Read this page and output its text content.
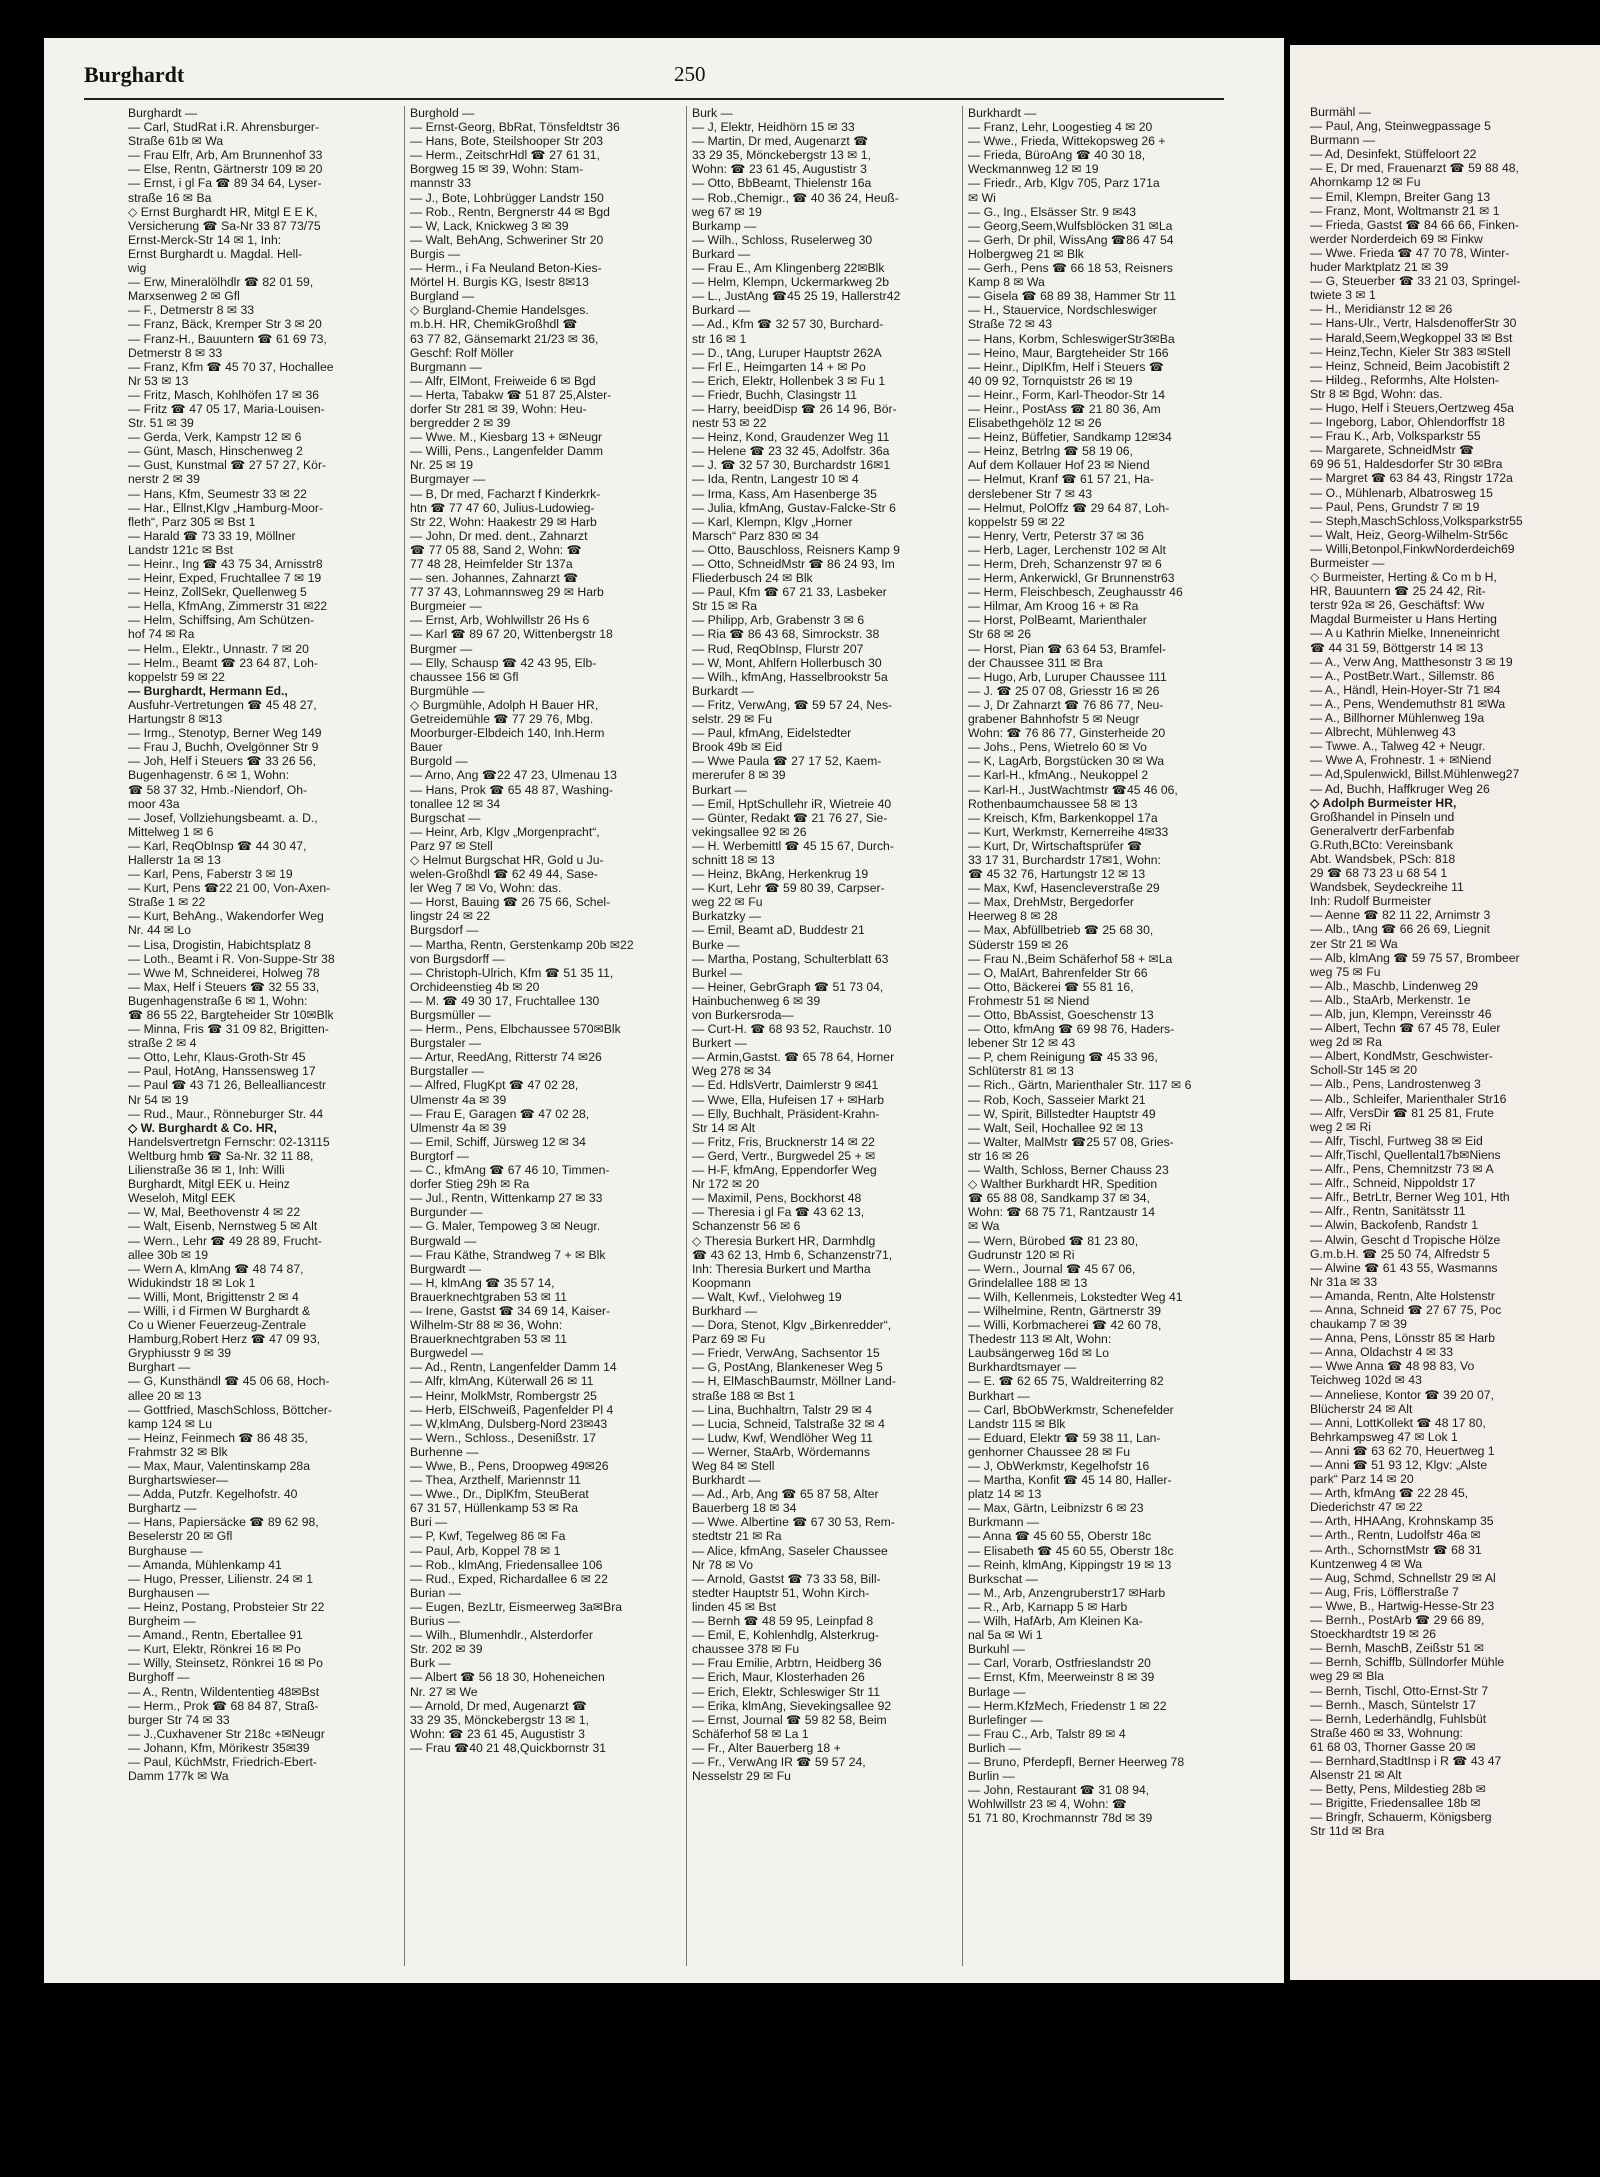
Burmähl —
— Paul, Ang, Steinwegpassage 5
Burmann —
— Ad, Desinfekt, Stüffeloort 22
— E, Dr med, Frauenarzt ☎ 59 88 48,
Ahornkamp 12 ✉ Fu
— Emil, Klempn, Breiter Gang 13
— Franz, Mont, Woltmanstr 21 ✉ 1
— Frieda, Gastst ☎ 84 66 66, Finken-
werder Norderdeich 69 ✉ Finkw
— Wwe. Frieda ☎ 47 70 78, Winter-
huder Marktplatz 21 ✉ 39
— G, Steuerber ☎ 33 21 03, Springel-
twiete 3 ✉ 1
— H., Meridianstr 12 ✉ 26
— Hans-Ulr., Vertr, HalsdenofferStr 30
— Harald,Seem,Wegkoppel 33 ✉ Bst
— Heinz,Techn, Kieler Str 383 ✉Stell
— Heinz, Schneid, Beim Jacobistift 2
— Hildeg., Reformhs, Alte Holsten-
Str 8 ✉ Bgd, Wohn: das.
— Hugo, Helf i Steuers,Oertzweg 45a
— Ingeborg, Labor, Ohlendorffstr 18
— Frau K., Arb, Volksparkstr 55
— Margarete, SchneidMstr ☎
69 96 51, Haldesdorfer Str 30 ✉Bra
— Margret ☎ 63 84 43, Ringstr 172a
— O., Mühlenarb, Albatrosweg 15
— Paul, Pens, Grundstr 7 ✉ 19
— Steph,MaschSchloss,Volksparkstr55
— Walt, Heiz, Georg-Wilhelm-Str56c
— Willi,Betonpol,FinkwNorderdeich69
Burmeister —
◇ Burmeister, Herting & Co m b H,
HR, Bauuntern ☎ 25 24 42, Rit-
terstr 92a ✉ 26, Geschäftsf: Ww
Magdal Burmeister u Hans Herting
— A u Kathrin Mielke, Inneneinricht
☎ 44 31 59, Böttgerstr 14 ✉ 13
— A., Verw Ang, Matthesonstr 3 ✉ 19
— A., PostBetr.Wart., Sillemstr. 86
— A., Händl, Hein-Hoyer-Str 71 ✉4
— A., Pens, Wendemuthstr 81 ✉Wa
— A., Billhorner Mühlenweg 19a
— Albrecht, Mühlenweg 43
— Twwe. A., Talweg 42 + Neugr.
— Wwe A, Frohnestr. 1 + ✉Niend
— Ad,Spulenwickl, Billst.Mühlenweg27
— Ad, Buchh, Haffkruger Weg 26
◇ Adolph Burmeister HR,
Großhandel in Pinseln und
Generalvertr derFarbenfab
G.Ruth,BCto: Vereinsbank
Abt. Wandsbek, PSch: 818
29 ☎ 68 73 23 u 68 54 1
Wandsbek, Seydeckreihe 11
Inh: Rudolf Burmeister
— Aenne ☎ 82 11 22, Arnimstr 3
— Alb., tAng ☎ 66 26 69, Liegnit
zer Str 21 ✉ Wa
— Alb, klmAng ☎ 59 75 57, Brombeer
weg 75 ✉ Fu
— Alb., Maschb, Lindenweg 29
— Alb., StaArb, Merkenstr. 1e
— Alb, jun, Klempn, Vereinsstr 46
— Albert, Techn ☎ 67 45 78, Euler
weg 2d ✉ Ra
— Albert, KondMstr, Geschwister-
Scholl-Str 145 ✉ 20
— Alb., Pens, Landrostenweg 3
— Alb., Schleifer, Marienthaler Str16
— Alfr, VersDir ☎ 81 25 81, Frute
weg 2 ✉ Ri
— Alfr, Tischl, Furtweg 38 ✉ Eid
— Alfr,Tischl, Quellental17b✉Niens
— Alfr., Pens, Chemnitzstr 73 ✉ A
— Alfr., Schneid, Nippoldstr 17
— Alfr., BetrLtr, Berner Weg 101, Hth
— Alfr., Rentn, Sanitätsstr 11
— Alwin, Backofenb, Randstr 1
— Alwin, Gescht d Tropische Hölze
G.m.b.H. ☎ 25 50 74, Alfredstr 5
— Alwine ☎ 61 43 55, Wasmanns
Nr 31a ✉ 33
— Amanda, Rentn, Alte Holstenstr
— Anna, Schneid ☎ 27 67 75, Poc
chaukamp 7 ✉ 39
— Anna, Pens, Lönsstr 85 ✉ Harb
— Anna, Oldachstr 4 ✉ 33
— Wwe Anna ☎ 48 98 83, Vo
Teichweg 102d ✉ 43
— Anneliese, Kontor ☎ 39 20 07,
Blücherstr 24 ✉ Alt
— Anni, LottKollekt ☎ 48 17 80,
Behrkampsweg 47 ✉ Lok 1
— Anni ☎ 63 62 70, Heuertweg 1
— Anni ☎ 51 93 12, Klgv: „Alste
park“ Parz 14 ✉ 20
— Arth, kfmAng ☎ 22 28 45,
Diederichstr 47 ✉ 22
— Arth, HHAAng, Krohnskamp 35
— Arth., Rentn, Ludolfstr 46a ✉
— Arth., SchornstMstr ☎ 68 31
Kuntzenweg 4 ✉ Wa
— Aug, Schmd, Schnellstr 29 ✉ Al
— Aug, Fris, Löfflerstraße 7
— Wwe, B., Hartwig-Hesse-Str 23
— Bernh., PostArb ☎ 29 66 89,
Stoeckhardtstr 19 ✉ 26
— Bernh, MaschB, Zeißstr 51 ✉
— Bernh, Schiffb, Süllndorfer Mühle
weg 29 ✉ Bla
— Bernh, Tischl, Otto-Ernst-Str 7
— Bernh., Masch, Süntelstr 17
— Bernh, Lederhändlg, Fuhlsbüt
Straße 460 ✉ 33, Wohnung:
61 68 03, Thorner Gasse 20 ✉
— Bernhard,StadtInsp i R ☎ 43 47
Alsenstr 21 ✉ Alt
— Betty, Pens, Mildestieg 28b ✉
— Brigitte, Friedensallee 18b ✉
— Bringfr, Schauerm, Königsberg
Str 11d ✉ Bra
Burghardt	250
Burghardt —
— Carl, StudRat i.R. Ahrensburger-
Straße 61b ✉ Wa
— Frau Elfr, Arb, Am Brunnenhof 33
— Else, Rentn, Gärtnerstr 109 ✉ 20
— Ernst, i gl Fa ☎ 89 34 64, Lyser-
straße 16 ✉ Ba
◇ Ernst Burghardt HR, Mitgl E E K,
Versicherung ☎ Sa-Nr 33 87 73/75
Ernst-Merck-Str 14 ✉ 1, Inh:
Ernst Burghardt u. Magdal. Hell-
wig
— Erw, Mineralölhdlr ☎ 82 01 59,
Marxsenweg 2 ✉ Gfl
— F., Detmerstr 8 ✉ 33
— Franz, Bäck, Kremper Str 3 ✉ 20
— Franz-H., Bauuntern ☎ 61 69 73,
Detmerstr 8 ✉ 33
— Franz, Kfm ☎ 45 70 37, Hochallee
Nr 53 ✉ 13
— Fritz, Masch, Kohlhöfen 17 ✉ 36
— Fritz ☎ 47 05 17, Maria-Louisen-
Str. 51 ✉ 39
— Gerda, Verk, Kampstr 12 ✉ 6
— Günt, Masch, Hinschenweg 2
— Gust, Kunstmal ☎ 27 57 27, Kör-
nerstr 2 ✉ 39
— Hans, Kfm, Seumestr 33 ✉ 22
— Har., Ellnst,Klgv „Hamburg-Moor-
fleth“, Parz 305 ✉ Bst 1
— Harald ☎ 73 33 19, Möllner
Landstr 121c ✉ Bst
— Heinr., Ing ☎ 43 75 34, Arnisstr8
— Heinr, Exped, Fruchtallee 7 ✉ 19
— Heinz, ZollSekr, Quellenweg 5
— Hella, KfmAng, Zimmerstr 31 ✉22
— Helm, Schiffsing, Am Schützen-
hof 74 ✉ Ra
— Helm., Elektr., Unnastr. 7 ✉ 20
— Helm., Beamt ☎ 23 64 87, Loh-
koppelstr 59 ✉ 22
— Burghardt, Hermann Ed.,
Ausfuhr-Vertretungen ☎ 45 48 27,
Hartungstr 8 ✉13
— Irmg., Stenotyp, Berner Weg 149
— Frau J, Buchh, Ovelgönner Str 9
— Joh, Helf i Steuers ☎ 33 26 56,
Bugenhagenstr. 6 ✉ 1, Wohn:
☎ 58 37 32, Hmb.-Niendorf, Oh-
moor 43a
— Josef, Vollziehungsbeamt. a. D.,
Mittelweg 1 ✉ 6
— Karl, ReqObInsp ☎ 44 30 47,
Hallerstr 1a ✉ 13
— Karl, Pens, Faberstr 3 ✉ 19
— Kurt, Pens ☎22 21 00, Von-Axen-
Straße 1 ✉ 22
— Kurt, BehAng., Wakendorfer Weg
Nr. 44 ✉ Lo
— Lisa, Drogistin, Habichtsplatz 8
— Loth., Beamt i R. Von-Suppe-Str 38
— Wwe M, Schneiderei, Holweg 78
— Max, Helf i Steuers ☎ 32 55 33,
Bugenhagenstraße 6 ✉ 1, Wohn:
☎ 86 55 22, Bargteheider Str 10✉Blk
— Minna, Fris ☎ 31 09 82, Brigitten-
straße 2 ✉ 4
— Otto, Lehr, Klaus-Groth-Str 45
— Paul, HotAng, Hanssensweg 17
— Paul ☎ 43 71 26, Bellealliancestr
Nr 54 ✉ 19
— Rud., Maur., Rönneburger Str. 44
◇ W. Burghardt & Co. HR,
Handelsvertretgn Fernschr: 02-13115
Weltburg hmb ☎ Sa-Nr. 32 11 88,
Lilienstraße 36 ✉ 1, Inh: Willi
Burghardt, Mitgl EEK u. Heinz
Weseloh, Mitgl EEK
— W, Mal, Beethovenstr 4 ✉ 22
— Walt, Eisenb, Nernstweg 5 ✉ Alt
— Wern., Lehr ☎ 49 28 89, Frucht-
allee 30b ✉ 19
— Wern A, klmAng ☎ 48 74 87,
Widukindstr 18 ✉ Lok 1
— Willi, Mont, Brigittenstr 2 ✉ 4
— Willi, i d Firmen W Burghardt &
Co u Wiener Feuerzeug-Zentrale
Hamburg,Robert Herz ☎ 47 09 93,
Gryphiusstr 9 ✉ 39
Burghart —
— G, Kunsthändl ☎ 45 06 68, Hoch-
allee 20 ✉ 13
— Gottfried, MaschSchloss, Böttcher-
kamp 124 ✉ Lu
— Heinz, Feinmech ☎ 86 48 35,
Frahmstr 32 ✉ Blk
— Max, Maur, Valentinskamp 28a
Burghartswieser—
— Adda, Putzfr. Kegelhofstr. 40
Burghartz —
— Hans, Papiersäcke ☎ 89 62 98,
Beselerstr 20 ✉ Gfl
Burghause —
— Amanda, Mühlenkamp 41
— Hugo, Presser, Lilienstr. 24 ✉ 1
Burghausen —
— Heinz, Postang, Probsteier Str 22
Burgheim —
— Amand., Rentn, Ebertallee 91
— Kurt, Elektr, Rönkrei 16 ✉ Po
— Willy, Steinsetz, Rönkrei 16 ✉ Po
Burghoff —
— A., Rentn, Wildententieg 48✉Bst
— Herm., Prok ☎ 68 84 87, Straß-
burger Str 74 ✉ 33
— J.,Cuxhavener Str 218c +✉Neugr
— Johann, Kfm, Mörikestr 35✉39
— Paul, KüchMstr, Friedrich-Ebert-
Damm 177k ✉ Wa
Burghold —
— Ernst-Georg, BbRat, Tönsfeldtstr 36
— Hans, Bote, Steilshooper Str 203
— Herm., ZeitschrHdl ☎ 27 61 31,
Borgweg 15 ✉ 39, Wohn: Stam-
mannstr 33
— J., Bote, Lohbrügger Landstr 150
— Rob., Rentn, Bergnerstr 44 ✉ Bgd
— W, Lack, Knickweg 3 ✉ 39
— Walt, BehAng, Schweriner Str 20
Burgis —
— Herm., i Fa Neuland Beton-Kies-
Mörtel H. Burgis KG, Isestr 8✉13
Burgland —
◇ Burgland-Chemie Handelsges.
m.b.H. HR, ChemikGroßhdl ☎
63 77 82, Gänsemarkt 21/23 ✉ 36,
Geschf: Rolf Möller
Burgmann —
— Alfr, ElMont, Freiweide 6 ✉ Bgd
— Herta, Tabakw ☎ 51 87 25,Alster-
dorfer Str 281 ✉ 39, Wohn: Heu-
bergredder 2 ✉ 39
— Wwe. M., Kiesbarg 13 + ✉Neugr
— Willi, Pens., Langenfelder Damm
Nr. 25 ✉ 19
Burgmayer —
— B, Dr med, Facharzt f Kinderkrk-
htn ☎ 77 47 60, Julius-Ludowieg-
Str 22, Wohn: Haakestr 29 ✉ Harb
— John, Dr med. dent., Zahnarzt
☎ 77 05 88, Sand 2, Wohn: ☎
77 48 28, Heimfelder Str 137a
— sen. Johannes, Zahnarzt ☎
77 37 43, Lohmannsweg 29 ✉ Harb
Burgmeier —
— Ernst, Arb, Wohlwillstr 26 Hs 6
— Karl ☎ 89 67 20, Wittenbergstr 18
Burgmer —
— Elly, Schausp ☎ 42 43 95, Elb-
chaussee 156 ✉ Gfl
Burgmühle —
◇ Burgmühle, Adolph H Bauer HR,
Getreidemühle ☎ 77 29 76, Mbg.
Moorburger-Elbdeich 140, Inh.Herm
Bauer
Burgold —
— Arno, Ang ☎22 47 23, Ulmenau 13
— Hans, Prok ☎ 65 48 87, Washing-
tonallee 12 ✉ 34
Burgschat —
— Heinr, Arb, Klgv „Morgenpracht“,
Parz 97 ✉ Stell
◇ Helmut Burgschat HR, Gold u Ju-
welen-Großhdl ☎ 62 49 44, Sase-
ler Weg 7 ✉ Vo, Wohn: das.
— Horst, Bauing ☎ 26 75 66, Schel-
lingstr 24 ✉ 22
Burgsdorf —
— Martha, Rentn, Gerstenkamp 20b ✉22
von Burgsdorff —
— Christoph-Ulrich, Kfm ☎ 51 35 11,
Orchideenstieg 4b ✉ 20
— M. ☎ 49 30 17, Fruchtallee 130
Burgsmüller —
— Herm., Pens, Elbchaussee 570✉Blk
Burgstaler —
— Artur, ReedAng, Ritterstr 74 ✉26
Burgstaller —
— Alfred, FlugKpt ☎ 47 02 28,
Ulmenstr 4a ✉ 39
— Frau E, Garagen ☎ 47 02 28,
Ulmenstr 4a ✉ 39
— Emil, Schiff, Jürsweg 12 ✉ 34
Burgtorf —
— C., kfmAng ☎ 67 46 10, Timmen-
dorfer Stieg 29h ✉ Ra
— Jul., Rentn, Wittenkamp 27 ✉ 33
Burgunder —
— G. Maler, Tempoweg 3 ✉ Neugr.
Burgwald —
— Frau Käthe, Strandweg 7 + ✉ Blk
Burgwardt —
— H, klmAng ☎ 35 57 14,
Brauerknechtgraben 53 ✉ 11
— Irene, Gastst ☎ 34 69 14, Kaiser-
Wilhelm-Str 88 ✉ 36, Wohn:
Brauerknechtgraben 53 ✉ 11
Burgwedel —
— Ad., Rentn, Langenfelder Damm 14
— Alfr, klmAng, Küterwall 26 ✉ 11
— Heinr, MolkMstr, Rombergstr 25
— Herb, ElSchweiß, Pagenfelder Pl 4
— W,klmAng, Dulsberg-Nord 23✉43
— Wern., Schloss., Desenißstr. 17
Burhenne —
— Wwe, B., Pens, Droopweg 49✉26
— Thea, Arzthelf, Mariennstr 11
— Wwe., Dr., DiplKfm, SteuBerat
67 31 57, Hüllenkamp 53 ✉ Ra
Buri —
— P, Kwf, Tegelweg 86 ✉ Fa
— Paul, Arb, Koppel 78 ✉ 1
— Rob., klmAng, Friedensallee 106
— Rud., Exped, Richardallee 6 ✉ 22
Burian —
— Eugen, BezLtr, Eismeerweg 3a✉Bra
Burius —
— Wilh., Blumenhdlr., Alsterdorfer
Str. 202 ✉ 39
Burk —
— Albert ☎ 56 18 30, Hoheneichen
Nr. 27 ✉ We
— Arnold, Dr med, Augenarzt ☎
33 29 35, Mönckebergstr 13 ✉ 1,
Wohn: ☎ 23 61 45, Augustistr 3
— Frau ☎40 21 48,Quickbornstr 31
Burk —
— J, Elektr, Heidhörn 15 ✉ 33
— Martin, Dr med, Augenarzt ☎
33 29 35, Mönckebergstr 13 ✉ 1,
Wohn: ☎ 23 61 45, Augustistr 3
— Otto, BbBeamt, Thielenstr 16a
— Rob.,Chemigr., ☎ 40 36 24, Heuß-
weg 67 ✉ 19
Burkamp —
— Wilh., Schloss, Ruselerweg 30
Burkard —
— Frau E., Am Klingenberg 22✉Blk
— Helm, Klempn, Uckermarkweg 2b
— L., JustAng ☎45 25 19, Hallerstr42
Burkard —
— Ad., Kfm ☎ 32 57 30, Burchard-
str 16 ✉ 1
— D., tAng, Luruper Hauptstr 262A
— Frl E., Heimgarten 14 + ✉ Po
— Erich, Elektr, Hollenbek 3 ✉ Fu 1
— Friedr, Buchh, Clasingstr 11
— Harry, beeidDisp ☎ 26 14 96, Bör-
nestr 53 ✉ 22
— Heinz, Kond, Graudenzer Weg 11
— Helene ☎ 23 32 45, Adolfstr. 36a
— J. ☎ 32 57 30, Burchardstr 16✉1
— Ida, Rentn, Langestr 10 ✉ 4
— Irma, Kass, Am Hasenberge 35
— Julia, kfmAng, Gustav-Falcke-Str 6
— Karl, Klempn, Klgv „Horner
Marsch“ Parz 830 ✉ 34
— Otto, Bauschloss, Reisners Kamp 9
— Otto, SchneidMstr ☎ 86 24 93, Im
Fliederbusch 24 ✉ Blk
— Paul, Kfm ☎ 67 21 33, Lasbeker
Str 15 ✉ Ra
— Philipp, Arb, Grabenstr 3 ✉ 6
— Ria ☎ 86 43 68, Simrockstr. 38
— Rud, ReqObInsp, Flurstr 207
— W, Mont, Ahlfern Hollerbusch 30
— Wilh., kfmAng, Hasselbrookstr 5a
Burkardt —
— Fritz, VerwAng, ☎ 59 57 24, Nes-
selstr. 29 ✉ Fu
— Paul, kfmAng, Eidelstedter
Brook 49b ✉ Eid
— Wwe Paula ☎ 27 17 52, Kaem-
mererufer 8 ✉ 39
Burkart —
— Emil, HptSchullehr iR, Wietreie 40
— Günter, Redakt ☎ 21 76 27, Sie-
vekingsallee 92 ✉ 26
— H. Werbemittl ☎ 45 15 67, Durch-
schnitt 18 ✉ 13
— Heinz, BkAng, Herkenkrug 19
— Kurt, Lehr ☎ 59 80 39, Carpser-
weg 22 ✉ Fu
Burkatzky —
— Emil, Beamt aD, Buddestr 21
Burke —
— Martha, Postang, Schulterblatt 63
Burkel —
— Heiner, GebrGraph ☎ 51 73 04,
Hainbuchenweg 6 ✉ 39
von Burkersroda—
— Curt-H. ☎ 68 93 52, Rauchstr. 10
Burkert —
— Armin,Gastst. ☎ 65 78 64, Horner
Weg 278 ✉ 34
— Ed. HdlsVertr, Daimlerstr 9 ✉41
— Wwe, Ella, Hufeisen 17 + ✉Harb
— Elly, Buchhalt, Präsident-Krahn-
Str 14 ✉ Alt
— Fritz, Fris, Brucknerstr 14 ✉ 22
— Gerd, Vertr., Burgwedel 25 + ✉
— H-F, kfmAng, Eppendorfer Weg
Nr 172 ✉ 20
— Maximil, Pens, Bockhorst 48
— Theresia i gl Fa ☎ 43 62 13,
Schanzenstr 56 ✉ 6
◇ Theresia Burkert HR, Darmhdlg
☎ 43 62 13, Hmb 6, Schanzenstr71,
Inh: Theresia Burkert und Martha
Koopmann
— Walt, Kwf., Vielohweg 19
Burkhard —
— Dora, Stenot, Klgv „Birkenredder“,
Parz 69 ✉ Fu
— Friedr, VerwAng, Sachsentor 15
— G, PostAng, Blankeneser Weg 5
— H, ElMaschBaumstr, Möllner Land-
straße 188 ✉ Bst 1
— Lina, Buchhaltrn, Talstr 29 ✉ 4
— Lucia, Schneid, Talstraße 32 ✉ 4
— Ludw, Kwf, Wendlöher Weg 11
— Werner, StaArb, Wördemanns
Weg 84 ✉ Stell
Burkhardt —
— Ad., Arb, Ang ☎ 65 87 58, Alter
Bauerberg 18 ✉ 34
— Wwe. Albertine ☎ 67 30 53, Rem-
stedtstr 21 ✉ Ra
— Alice, kfmAng, Saseler Chaussee
Nr 78 ✉ Vo
— Arnold, Gastst ☎ 73 33 58, Bill-
stedter Hauptstr 51, Wohn Kirch-
linden 45 ✉ Bst
— Bernh ☎ 48 59 95, Leinpfad 8
— Emil, E, Kohlenhdlg, Alsterkrug-
chaussee 378 ✉ Fu
— Frau Emilie, Arbtrn, Heidberg 36
— Erich, Maur, Klosterhaden 26
— Erich, Elektr, Schleswiger Str 11
— Erika, klmAng, Sievekingsallee 92
— Ernst, Journal ☎ 59 82 58, Beim
Schäferhof 58 ✉ La 1
— Fr., Alter Bauerberg 18 +
— Fr., VerwAng IR ☎ 59 57 24,
Nesselstr 29 ✉ Fu
Burkhardt —
— Franz, Lehr, Loogestieg 4 ✉ 20
— Wwe., Frieda, Wittekopsweg 26 +
— Frieda, BüroAng ☎ 40 30 18,
Weckmannweg 12 ✉ 19
— Friedr., Arb, Klgv 705, Parz 171a
✉ Wi
— G., Ing., Elsässer Str. 9 ✉43
— Georg,Seem,Wulfsblöcken 31 ✉La
— Gerh, Dr phil, WissAng ☎86 47 54
Holbergweg 21 ✉ Blk
— Gerh., Pens ☎ 66 18 53, Reisners
Kamp 8 ✉ Wa
— Gisela ☎ 68 89 38, Hammer Str 11
— H., Stauervice, Nordschleswiger
Straße 72 ✉ 43
— Hans, Korbm, SchleswigerStr3✉Ba
— Heino, Maur, Bargteheider Str 166
— Heinr., DipIKfm, Helf i Steuers ☎
40 09 92, Tornquiststr 26 ✉ 19
— Heinr., Form, Karl-Theodor-Str 14
— Heinr., PostAss ☎ 21 80 36, Am
Elisabethgehölz 12 ✉ 26
— Heinz, Büffetier, Sandkamp 12✉34
— Heinz, Betrlng ☎ 58 19 06,
Auf dem Kollauer Hof 23 ✉ Niend
— Helmut, Kranf ☎ 61 57 21, Ha-
derslebener Str 7 ✉ 43
— Helmut, PolOffz ☎ 29 64 87, Loh-
koppelstr 59 ✉ 22
— Henry, Vertr, Peterstr 37 ✉ 36
— Herb, Lager, Lerchenstr 102 ✉ Alt
— Herm, Dreh, Schanzenstr 97 ✉ 6
— Herm, Ankerwickl, Gr Brunnenstr63
— Herm, Fleischbesch, Zeughausstr 46
— Hilmar, Am Kroog 16 + ✉ Ra
— Horst, PolBeamt, Marienthaler
Str 68 ✉ 26
— Horst, Pian ☎ 63 64 53, Bramfel-
der Chaussee 311 ✉ Bra
— Hugo, Arb, Luruper Chaussee 111
— J. ☎ 25 07 08, Griesstr 16 ✉ 26
— J, Dr Zahnarzt ☎ 76 86 77, Neu-
grabener Bahnhofstr 5 ✉ Neugr
Wohn: ☎ 76 86 77, Ginsterheide 20
— Johs., Pens, Wietrelo 60 ✉ Vo
— K, LagArb, Borgstücken 30 ✉ Wa
— Karl-H., kfmAng., Neukoppel 2
— Karl-H., JustWachtmstr ☎45 46 06,
Rothenbaumchaussee 58 ✉ 13
— Kreisch, Kfm, Barkenkoppel 17a
— Kurt, Werkmstr, Kernerreihe 4✉33
— Kurt, Dr, Wirtschaftsprüfer ☎
33 17 31, Burchardstr 17✉1, Wohn:
☎ 45 32 76, Hartungstr 12 ✉ 13
— Max, Kwf, Hasencleverstraße 29
— Max, DrehMstr, Bergedorfer
Heerweg 8 ✉ 28
— Max, Abfüllbetrieb ☎ 25 68 30,
Süderstr 159 ✉ 26
— Frau N.,Beim Schäferhof 58 + ✉La
— O, MalArt, Bahrenfelder Str 66
— Otto, Bäckerei ☎ 55 81 16,
Frohmestr 51 ✉ Niend
— Otto, BbAssist, Goeschenstr 13
— Otto, kfmAng ☎ 69 98 76, Haders-
lebener Str 12 ✉ 43
— P, chem Reinigung ☎ 45 33 96,
Schlüterstr 81 ✉ 13
— Rich., Gärtn, Marienthaler Str. 117 ✉ 6
— Rob, Koch, Sasseier Markt 21
— W, Spirit, Billstedter Hauptstr 49
— Walt, Seil, Hochallee 92 ✉ 13
— Walter, MalMstr ☎25 57 08, Gries-
str 16 ✉ 26
— Walth, Schloss, Berner Chauss 23
◇ Walther Burkhardt HR, Spedition
☎ 65 88 08, Sandkamp 37 ✉ 34,
Wohn: ☎ 68 75 71, Rantzaustr 14
✉ Wa
— Wern, Bürobed ☎ 81 23 80,
Gudrunstr 120 ✉ Ri
— Wern., Journal ☎ 45 67 06,
Grindelallee 188 ✉ 13
— Wilh, Kellenmeis, Lokstedter Weg 41
— Wilhelmine, Rentn, Gärtnerstr 39
— Willi, Korbmacherei ☎ 42 60 78,
Thedestr 113 ✉ Alt, Wohn:
Laubsängerweg 16d ✉ Lo
Burkhardtsmayer —
— E. ☎ 62 65 75, Waldreiterring 82
Burkhart —
— Carl, BbObWerkmstr, Schenefelder
Landstr 115 ✉ Blk
— Eduard, Elektr ☎ 59 38 11, Lan-
genhorner Chaussee 28 ✉ Fu
— J, ObWerkmstr, Kegelhofstr 16
— Martha, Konfit ☎ 45 14 80, Haller-
platz 14 ✉ 13
— Max, Gärtn, Leibnizstr 6 ✉ 23
Burkmann —
— Anna ☎ 45 60 55, Oberstr 18c
— Elisabeth ☎ 45 60 55, Oberstr 18c
— Reinh, klmAng, Kippingstr 19 ✉ 13
Burkschat —
— M., Arb, Anzengruberstr17 ✉Harb
— R., Arb, Karnapp 5 ✉ Harb
— Wilh, HafArb, Am Kleinen Ka-
nal 5a ✉ Wi 1
Burkuhl —
— Carl, Vorarb, Ostfrieslandstr 20
— Ernst, Kfm, Meerweinstr 8 ✉ 39
Burlage —
— Herm.KfzMech, Friedenstr 1 ✉ 22
Burlefinger —
— Frau C., Arb, Talstr 89 ✉ 4
Burlich —
— Bruno, Pferdepfl, Berner Heerweg 78
Burlin —
— John, Restaurant ☎ 31 08 94,
Wohlwillstr 23 ✉ 4, Wohn: ☎
51 71 80, Krochmannstr 78d ✉ 39
